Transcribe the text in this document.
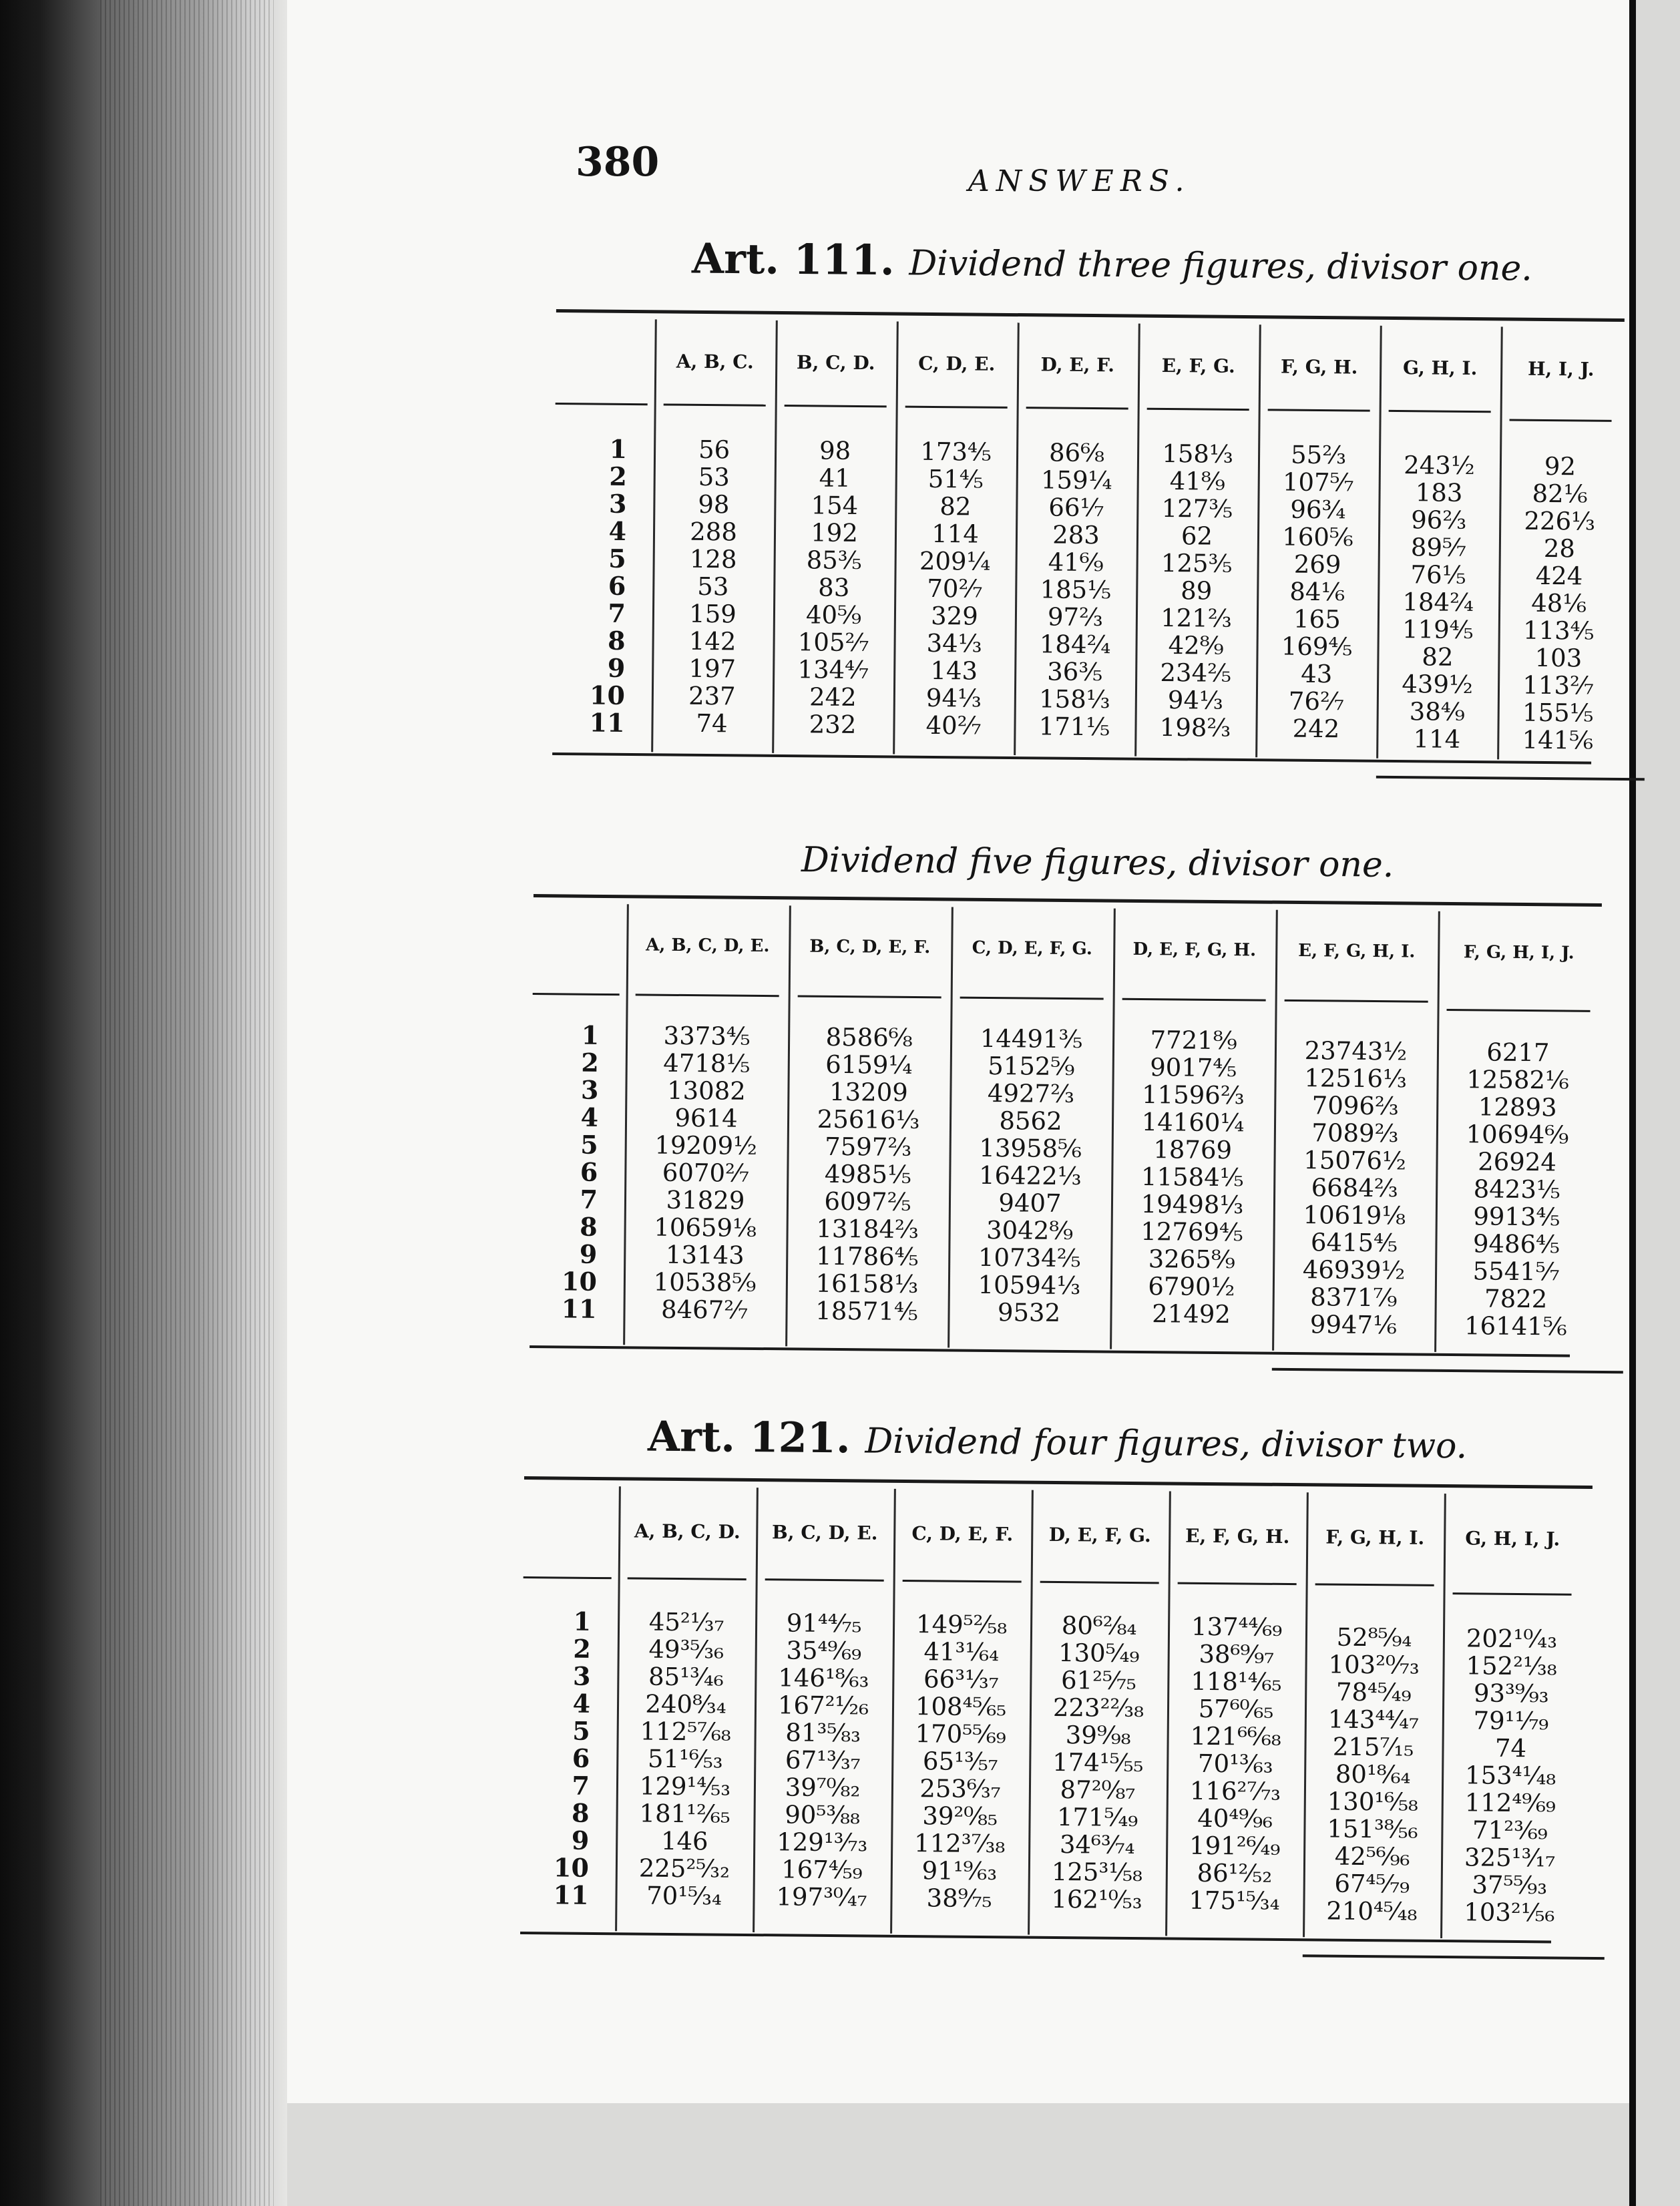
380	ANSWERS.
Art. 111. Dividend three figures, divisor one.
1
2
3
4
5
6
7
8
9
10
11
A, B, C.
56
53
98
288
128
53
159
142
197
237
74
B, C, D.
98
41
154
192
85⅗
83
40⁵⁄₉
105²⁄₇
134⁴⁄₇
242
232
C, D, E.
173⅘
51⅘
82
114
209¼
70²⁄₇
329
34⅓
143
94⅓
40²⁄₇
D, E, F.
86⁶⁄₈
159¼
66⅐
283
41⁶⁄₉
185⅕
97⅔
184²⁄₄
36⅗
158⅓
171⅕
E, F, G.
158⅓
41⁸⁄₉
127⅗
62
125⅗
89
121⅔
42⁸⁄₉
234⅖
94⅓
198⅔
F, G, H.
55⅔
107⁵⁄₇
96¾
160⅚
269
84⅙
165
169⅘
43
76²⁄₇
242
G, H, I.
243½
183
96⅔
89⁵⁄₇
76⅕
184²⁄₄
119⅘
82
439½
38⁴⁄₉
114
H, I, J.
92
82⅙
226⅓
28
424
48⅙
113⅘
103
113²⁄₇
155⅕
141⅚
Dividend five figures, divisor one.
1
2
3
4
5
6
7
8
9
10
11
A, B, C, D, E.
3373⅘
4718⅕
13082
9614
19209½
6070²⁄₇
31829
10659⅛
13143
10538⁵⁄₉
8467²⁄₇
B, C, D, E, F.
8586⁶⁄₈
6159¼
13209
25616⅓
7597⅔
4985⅕
6097⅖
13184⅔
11786⅘
16158⅓
18571⅘
C, D, E, F, G.
14491⅗
5152⁵⁄₉
4927⅔
8562
13958⅚
16422⅓
9407
3042⁸⁄₉
10734⅖
10594⅓
9532
D, E, F, G, H.
7721⁸⁄₉
9017⅘
11596⅔
14160¼
18769
11584⅕
19498⅓
12769⅘
3265⁸⁄₉
6790½
21492
E, F, G, H, I.
23743½
12516⅓
7096⅔
7089⅔
15076½
6684⅔
10619⅛
6415⅘
46939½
8371⁷⁄₉
9947⅙
F, G, H, I, J.
6217
12582⅙
12893
10694⁶⁄₉
26924
8423⅕
9913⅘
9486⅘
5541⁵⁄₇
7822
16141⅚
Art. 121. Dividend four figures, divisor two.
1
2
3
4
5
6
7
8
9
10
11
A, B, C, D.
45²¹⁄₃₇
49³⁵⁄₃₆
85¹³⁄₄₆
240⁸⁄₃₄
112⁵⁷⁄₆₈
51¹⁶⁄₅₃
129¹⁴⁄₅₃
181¹²⁄₆₅
146
225²⁵⁄₃₂
70¹⁵⁄₃₄
B, C, D, E.
91⁴⁴⁄₇₅
35⁴⁹⁄₆₉
146¹⁸⁄₆₃
167²¹⁄₂₆
81³⁵⁄₈₃
67¹³⁄₃₇
39⁷⁰⁄₈₂
90⁵³⁄₈₈
129¹³⁄₇₃
167⁴⁄₅₉
197³⁰⁄₄₇
C, D, E, F.
149⁵²⁄₅₈
41³¹⁄₆₄
66³¹⁄₃₇
108⁴⁵⁄₆₅
170⁵⁵⁄₆₉
65¹³⁄₅₇
253⁶⁄₃₇
39²⁰⁄₈₅
112³⁷⁄₃₈
91¹⁹⁄₆₃
38⁹⁄₇₅
D, E, F, G.
80⁶²⁄₈₄
130⁵⁄₄₉
61²⁵⁄₇₅
223²²⁄₃₈
39⁹⁄₉₈
174¹⁵⁄₅₅
87²⁰⁄₈₇
171⁵⁄₄₉
34⁶³⁄₇₄
125³¹⁄₅₈
162¹⁰⁄₅₃
E, F, G, H.
137⁴⁴⁄₆₉
38⁶⁹⁄₉₇
118¹⁴⁄₆₅
57⁶⁰⁄₆₅
121⁶⁶⁄₆₈
70¹³⁄₆₃
116²⁷⁄₇₃
40⁴⁹⁄₉₆
191²⁶⁄₄₉
86¹²⁄₅₂
175¹⁵⁄₃₄
F, G, H, I.
52⁸⁵⁄₉₄
103²⁰⁄₇₃
78⁴⁵⁄₄₉
143⁴⁴⁄₄₇
215⁷⁄₁₅
80¹⁸⁄₆₄
130¹⁶⁄₅₈
151³⁸⁄₅₆
42⁵⁶⁄₉₆
67⁴⁵⁄₇₉
210⁴⁵⁄₄₈
G, H, I, J.
202¹⁰⁄₄₃
152²¹⁄₃₈
93³⁹⁄₉₃
79¹¹⁄₇₉
74
153⁴¹⁄₄₈
112⁴⁹⁄₆₉
71²³⁄₆₉
325¹³⁄₁₇
37⁵⁵⁄₉₃
103²¹⁄₅₆
